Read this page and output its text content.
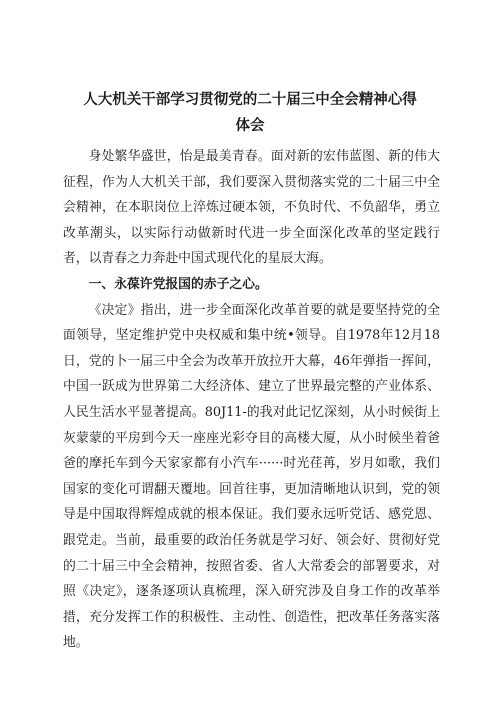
人大机关干部学习贯彻党的二十届三中全会精神心得
体会

身处繁华盛世，怡是最美青春。面对新的宏伟蓝图、新的伟大征程，作为人大机关干部，我们要深入贯彻落实党的二十届三中全会精神，在本职岗位上淬炼过硬本领，不负时代、不负韶华，勇立改革潮头，以实际行动做新时代进一步全面深化改革的坚定践行者，以青春之力奔赴中国式现代化的星辰大海。

一、永葆许党报国的赤子之心。

《决定》指出，进一步全面深化改革首要的就是要坚持党的全面领导，坚定维护党中央权威和集中统•领导。自1978年12月18日，党的卜一届三中全会为改革开放拉开大幕，46年弹指一挥间，中国一跃成为世界第二大经济体、建立了世界最完整的产业体系、人民生活水平显著提高。80J11-的我对此记忆深刻，从小时候街上灰蒙蒙的平房到今天一座座光彩夺目的高楼大厦，从小时候坐着爸爸的摩托车到今天家家都有小汽车······时光荏苒，岁月如歌，我们国家的变化可谓翻天覆地。回首往事，更加清晰地认识到，党的领导是中国取得辉煌成就的根本保证。我们要永远听党话、感党恩、跟党走。当前，最重要的政治任务就是学习好、领会好、贯彻好党的二十届三中全会精神，按照省委、省人大常委会的部署要求，对照《决定》，逐条逐项认真梳理，深入研究涉及自身工作的改革举措，充分发挥工作的积极性、主动性、创造性，把改革任务落实落地。
